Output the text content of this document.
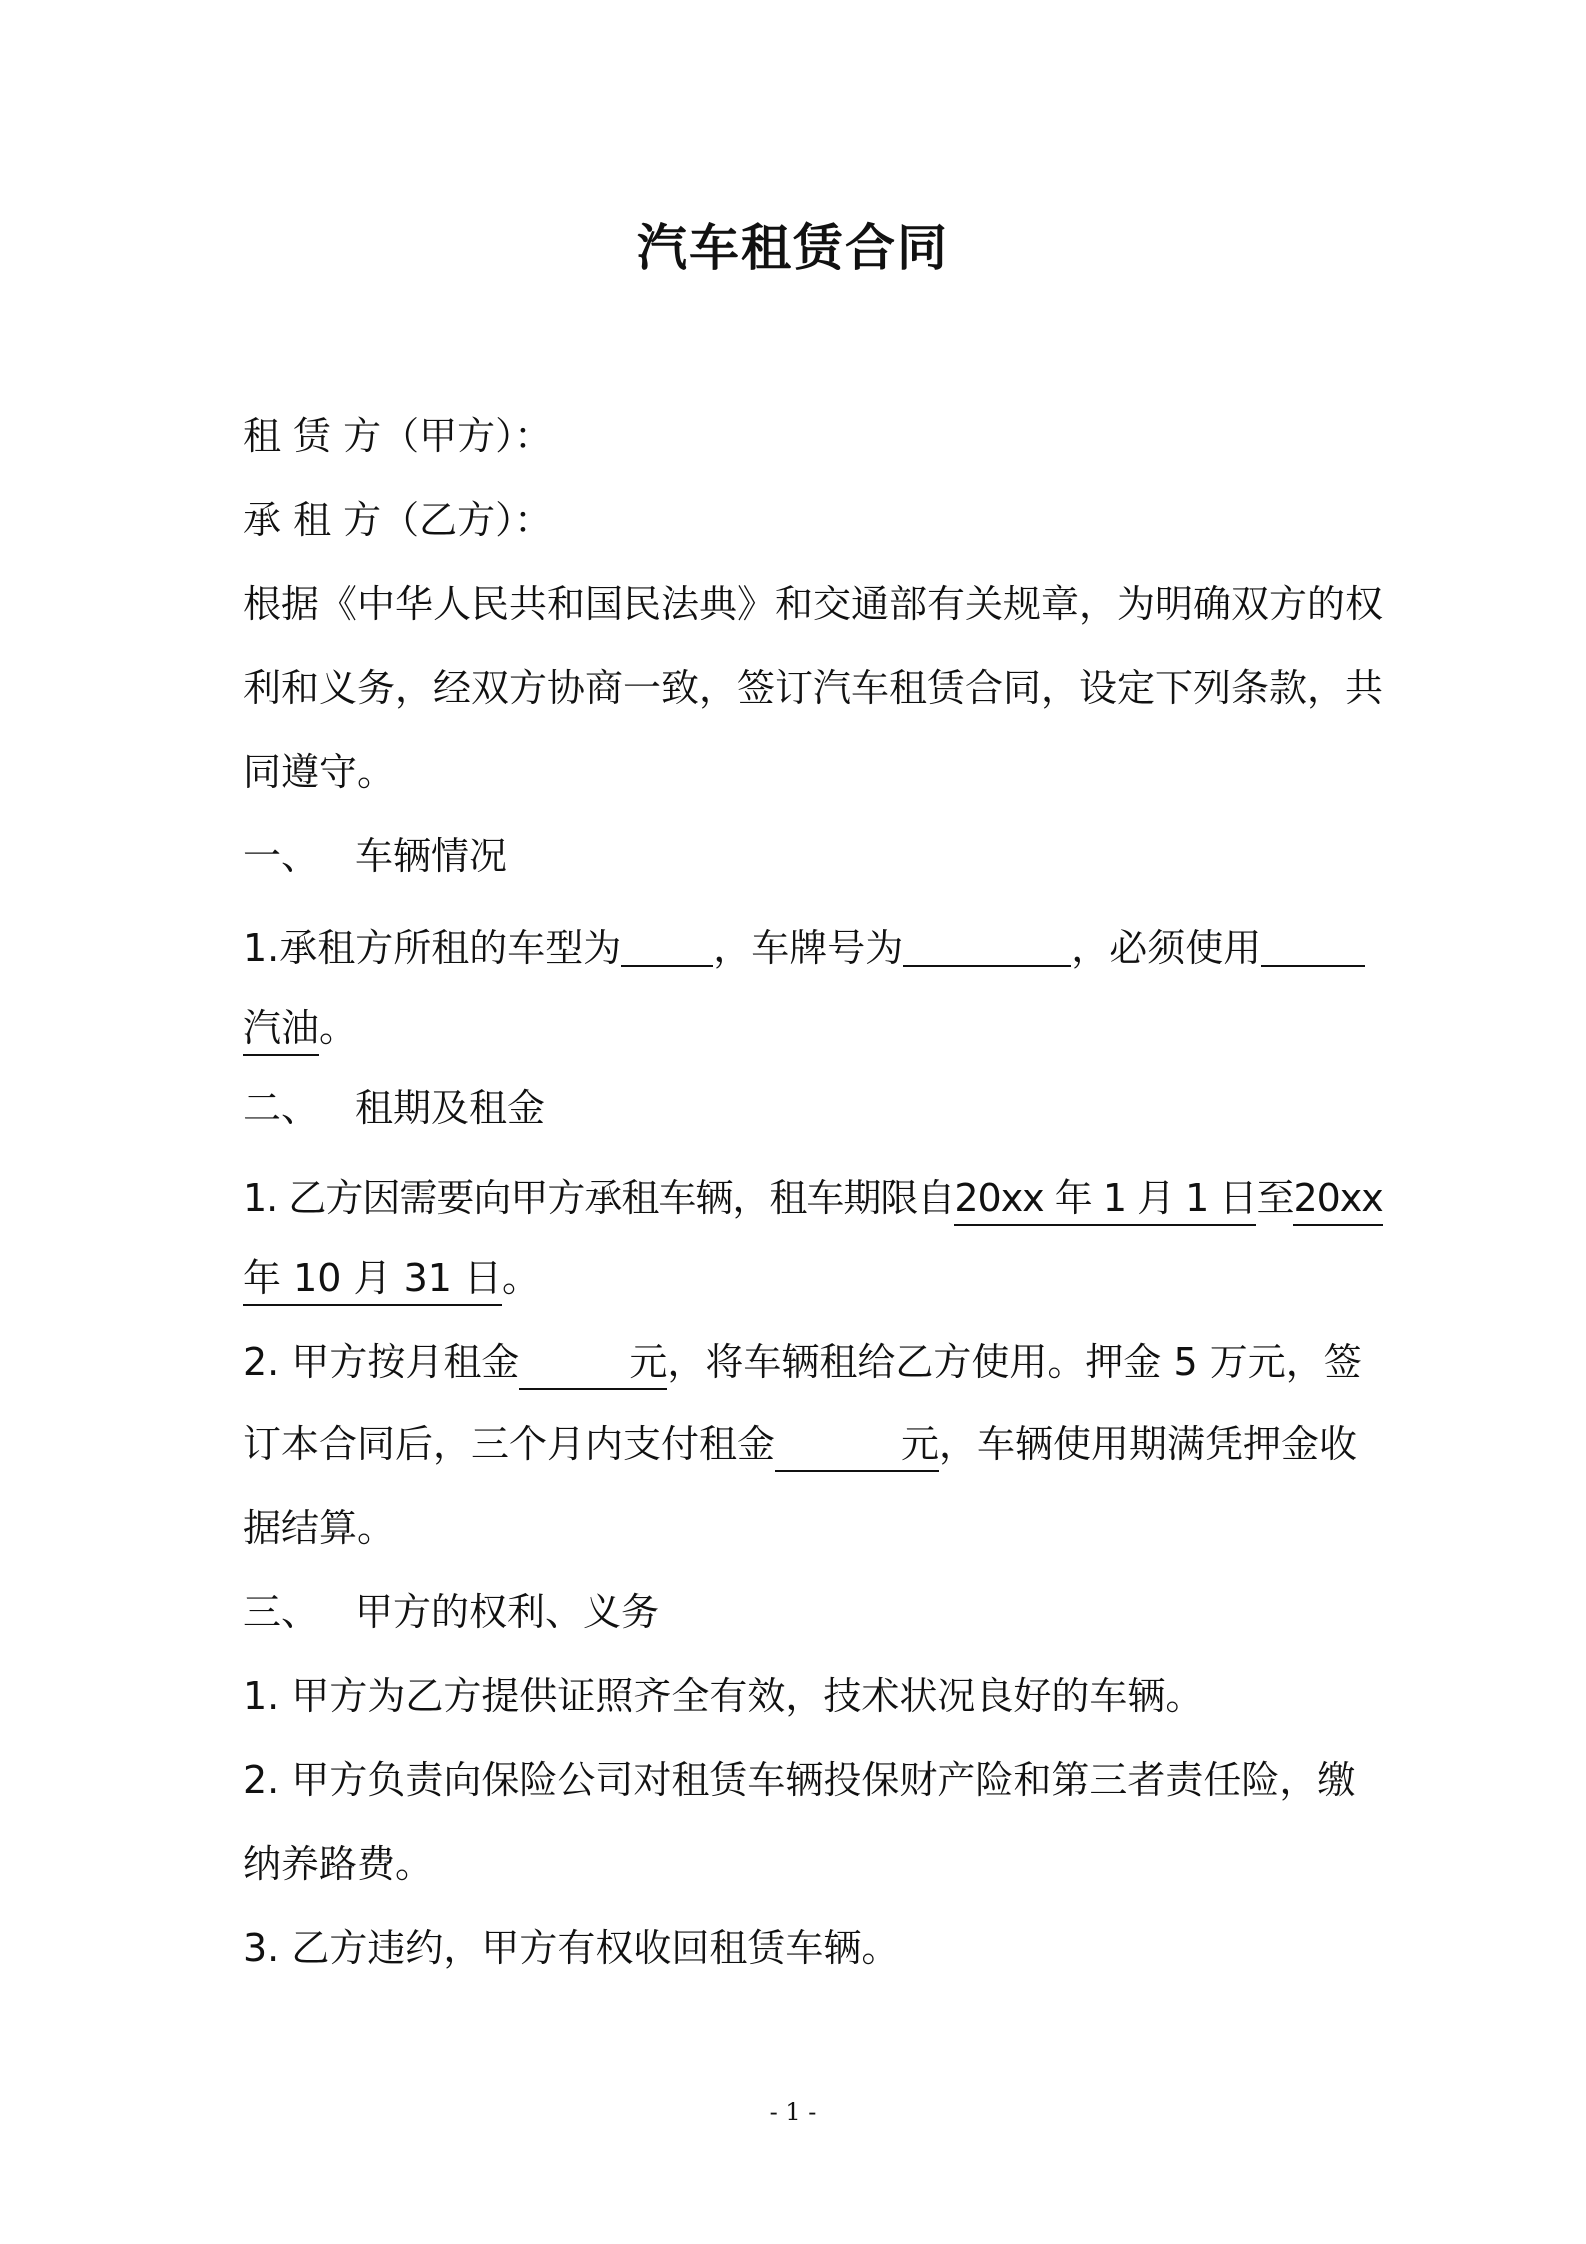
汽车租赁合同
租 赁 方（甲方）：
承 租 方（乙方）：
根据《中华人民共和国民法典》和交通部有关规章，为明确双方的权
利和义务，经双方协商一致，签订汽车租赁合同，设定下列条款，共
同遵守。
一、 车辆情况
1.承租方所租的车型为 ，车牌号为	，必须使用
汽油。
二、 租期及租金
1. 乙方因需要向甲方承租车辆，租车期限自20xx 年 1 月 1 日至20xx
年 10 月 31 日。
2. 甲方按月租金	元，将车辆租给乙方使用。押金 5 万元，签
订本合同后，三个月内支付租金	元，车辆使用期满凭押金收
据结算。
三、 甲方的权利、义务
1. 甲方为乙方提供证照齐全有效，技术状况良好的车辆。
2. 甲方负责向保险公司对租赁车辆投保财产险和第三者责任险，缴
纳养路费。
3. 乙方违约，甲方有权收回租赁车辆。
- 1 -
